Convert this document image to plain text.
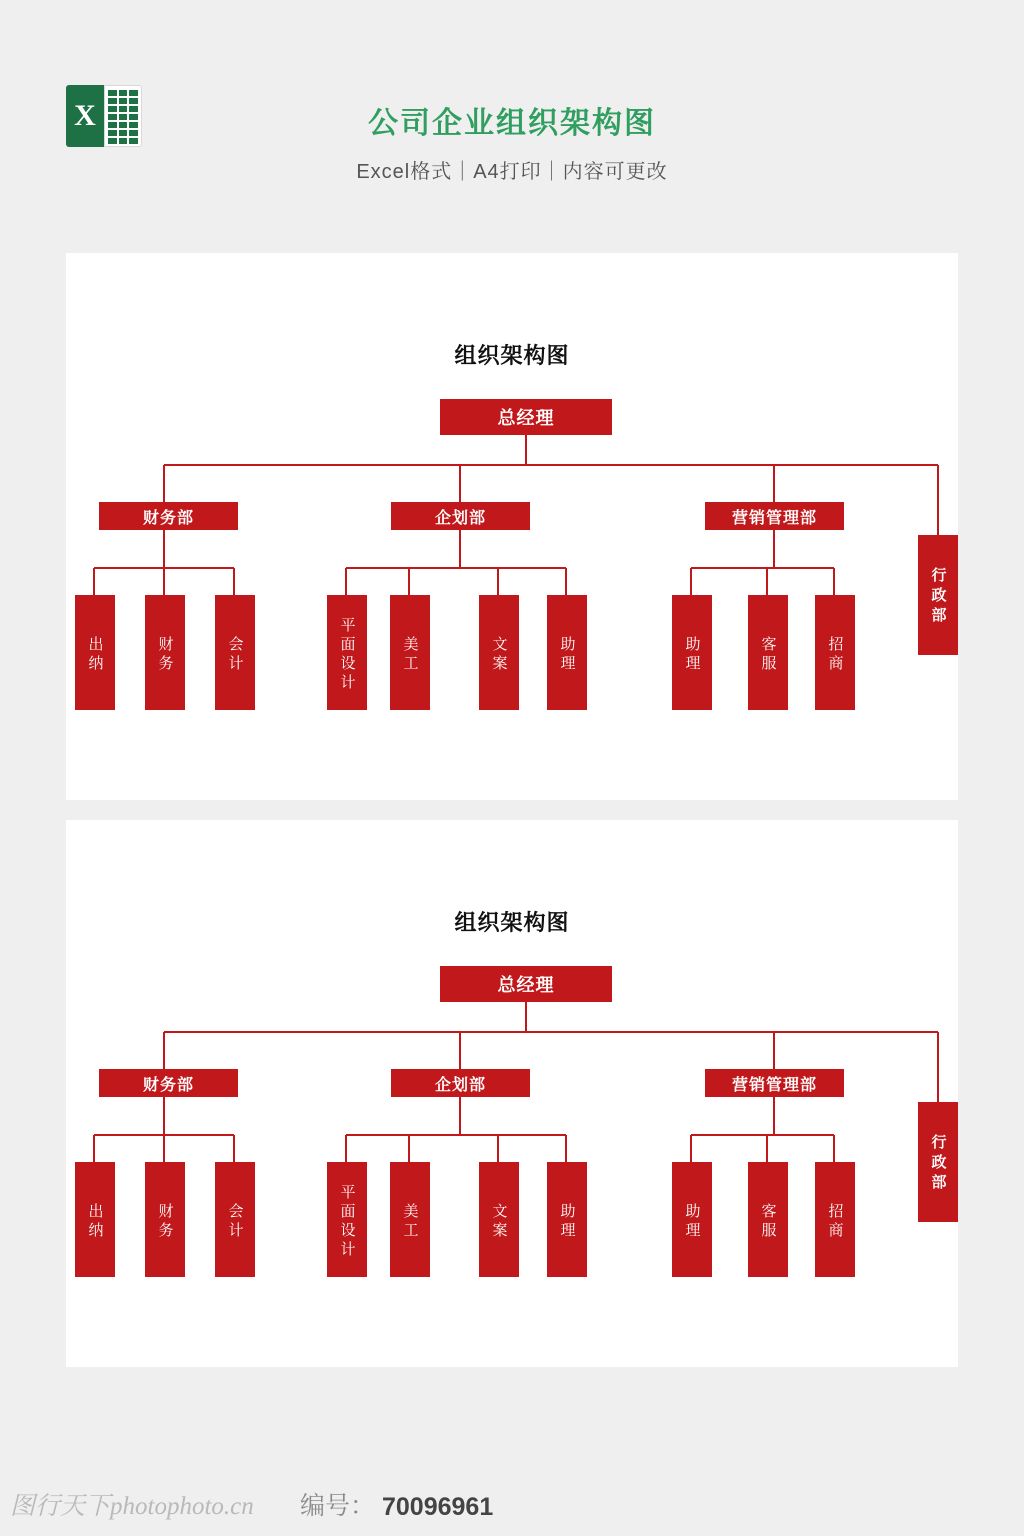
X	公司企业组织架构图
Excel格式｜A4打印｜内容可更改
组织架构图
总经理
财务部	企划部	营销管理部
行政部
出纳	财务	会计	平面设计	美工	文案	助理	助理	客服	招商
组织架构图
总经理
财务部	企划部	营销管理部
行政部
出纳	财务	会计	平面设计	美工	文案	助理	助理	客服	招商
图行天下photophoto.cn 编号： 70096961
